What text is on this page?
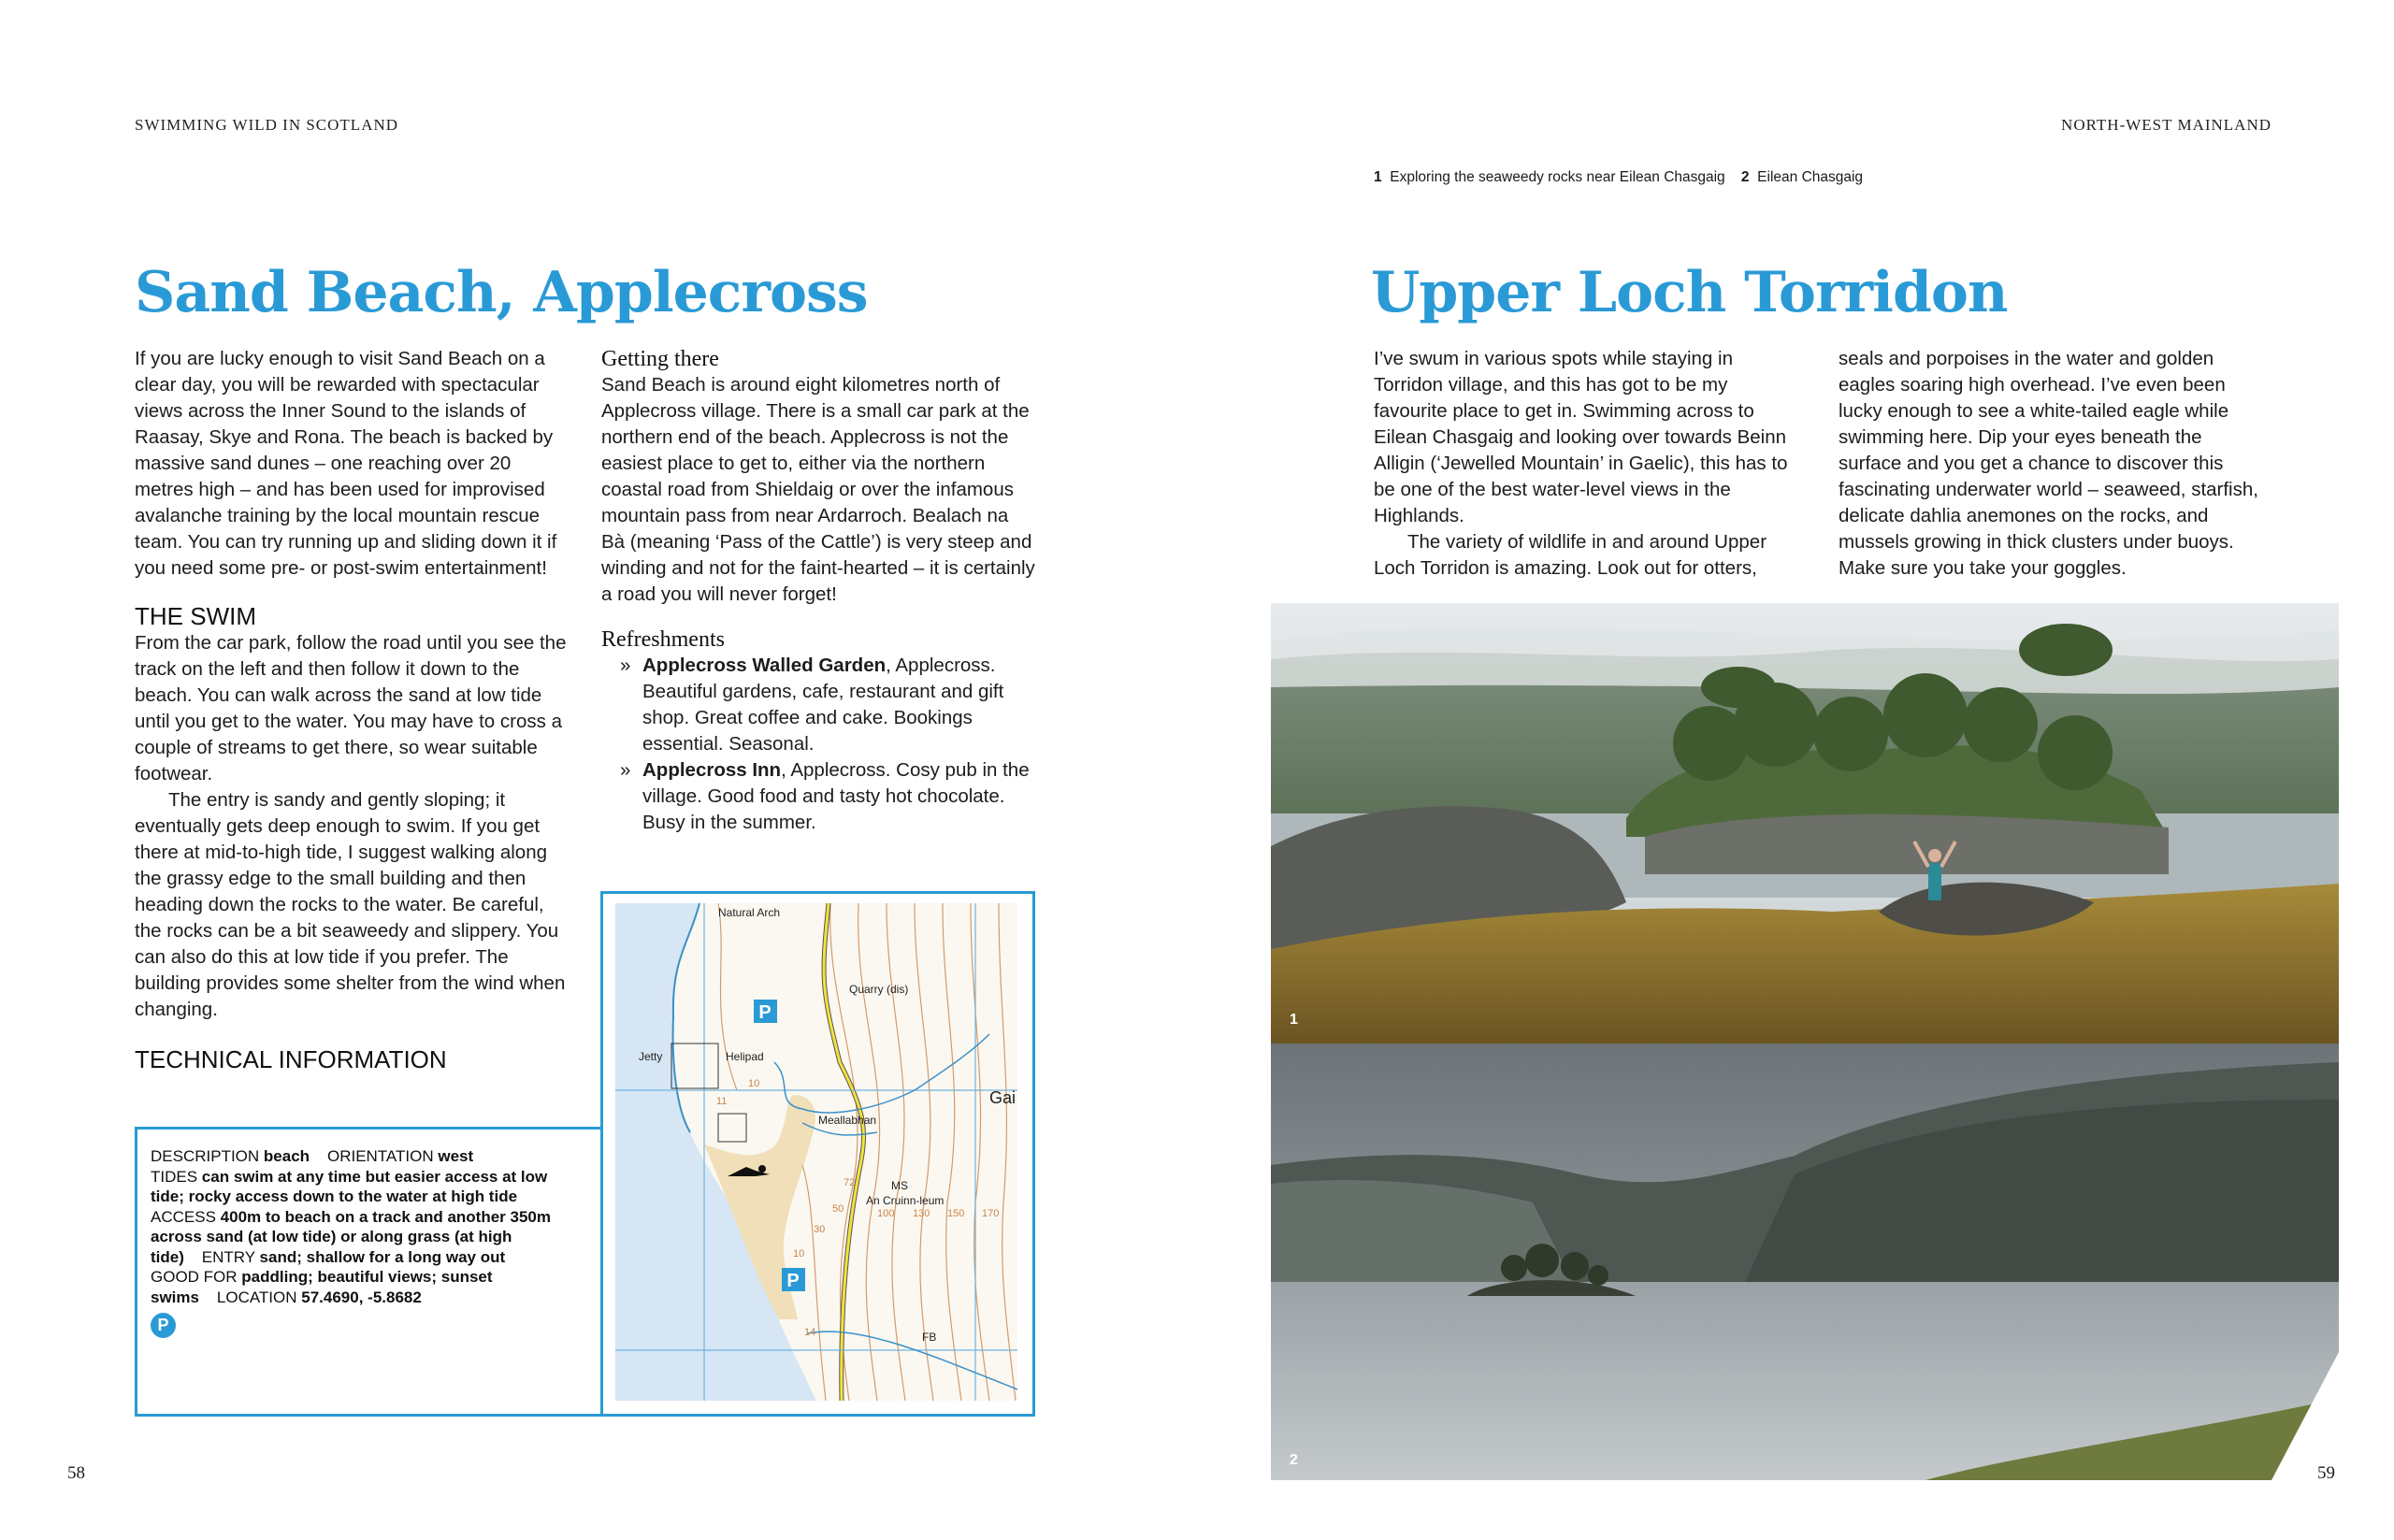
SWIMMING WILD IN SCOTLAND	NORTH-WEST MAINLAND
1 Exploring the seaweedy rocks near Eilean Chasgaig 2 Eilean Chasgaig
Sand Beach, Applecross

If you are lucky enough to visit Sand Beach on a clear day, you will be rewarded with spectacular views across the Inner Sound to the islands of Raasay, Skye and Rona. The beach is backed by massive sand dunes – one reaching over 20 metres high – and has been used for improvised avalanche training by the local mountain rescue team. You can try running up and sliding down it if you need some pre- or post-swim entertainment!

THE SWIM

From the car park, follow the road until you see the track on the left and then follow it down to the beach. You can walk across the sand at low tide until you get to the water. You may have to cross a couple of streams to get there, so wear suitable footwear.

The entry is sandy and gently sloping; it eventually gets deep enough to swim. If you get there at mid-to-high tide, I suggest walking along the grassy edge to the small building and then heading down the rocks to the water. Be careful, the rocks can be a bit seaweedy and slippery. You can also do this at low tide if you prefer. The building provides some shelter from the wind when changing.

TECHNICAL INFORMATION
Getting there

Sand Beach is around eight kilometres north of Applecross village. There is a small car park at the northern end of the beach. Applecross is not the easiest place to get to, either via the northern coastal road from Shieldaig or over the infamous mountain pass from near Ardarroch. Bealach na Bà (meaning ‘Pass of the Cattle’) is very steep and winding and not for the faint-hearted – it is certainly a road you will never forget!

Refreshments
» Applecross Walled Garden, Applecross. Beautiful gardens, cafe, restaurant and gift shop. Great coffee and cake. Bookings essential. Seasonal.
» Applecross Inn, Applecross. Cosy pub in the village. Good food and tasty hot chocolate. Busy in the summer.
DESCRIPTION beach ORIENTATION west
TIDES can swim at any time but easier access at low tide; rocky access down to the water at high tide    ACCESS 400m to beach on a track and another 350m across sand (at low tide) or along grass (at high tide) ENTRY sand; shallow for a long way out    GOOD FOR paddling; beautiful views; sunset swims LOCATION 57.4690, -5.8682
P
P
P
Natural Arch
Quarry (dis)
Jetty	Helipad
Meallabhan
Gai
MS
An Cruinn-leum
FB
10
11
72
50
30
10
100 130 150 170
14
58
Upper Loch Torridon

I’ve swum in various spots while staying in Torridon village, and this has got to be my favourite place to get in. Swimming across to Eilean Chasgaig and looking over towards Beinn Alligin (‘Jewelled Mountain’ in Gaelic), this has to be one of the best water-level views in the Highlands.

The variety of wildlife in and around Upper Loch Torridon is amazing. Look out for otters,

seals and porpoises in the water and golden eagles soaring high overhead. I’ve even been lucky enough to see a white-tailed eagle while swimming here. Dip your eyes beneath the surface and you get a chance to discover this fascinating underwater world – seaweed, starfish, delicate dahlia anemones on the rocks, and mussels growing in thick clusters under buoys. Make sure you take your goggles.

1
2
59
